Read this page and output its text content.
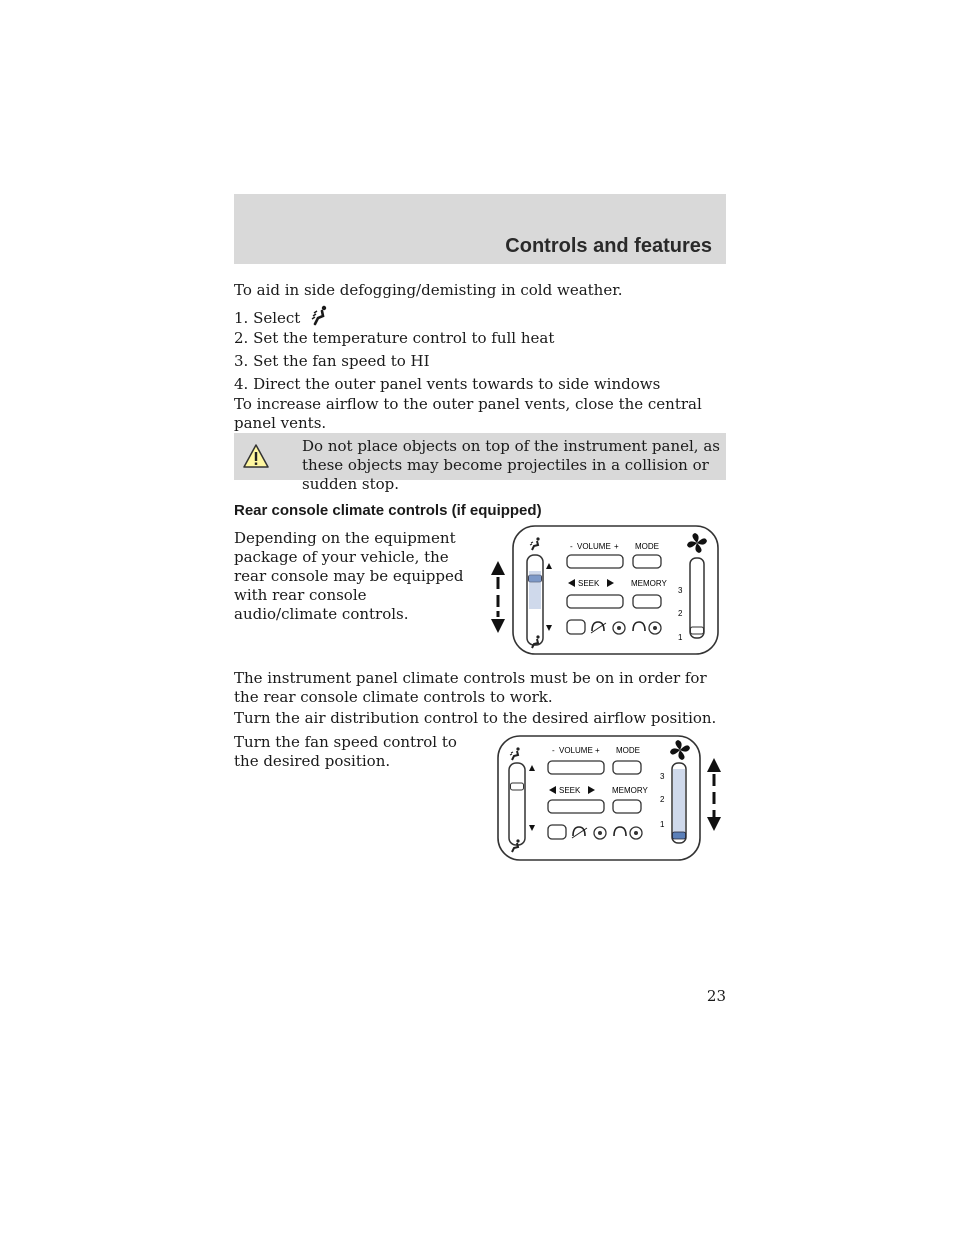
Controls and features

To aid in side defogging/demisting in cold weather.

1. Select

2. Set the temperature control to full heat

3. Set the fan speed to HI

4. Direct the outer panel vents towards to side windows

To increase airflow to the outer panel vents, close the central panel vents.

Do not place objects on top of the instrument panel, as these objects may become projectiles in a collision or sudden stop.
Rear console climate controls (if equipped)

Depending on the equipment package of your vehicle, the rear console may be equipped with rear console audio/climate controls.

The instrument panel climate controls must be on in order for the rear console climate controls to work.

Turn the air distribution control to the desired airflow position.

Turn the fan speed control to the desired position.

- VOLUME + MODE
SEEK	MEMORY
3
2
1
- VOLUME + MODE
SEEK	MEMORY
3
2
1
23
